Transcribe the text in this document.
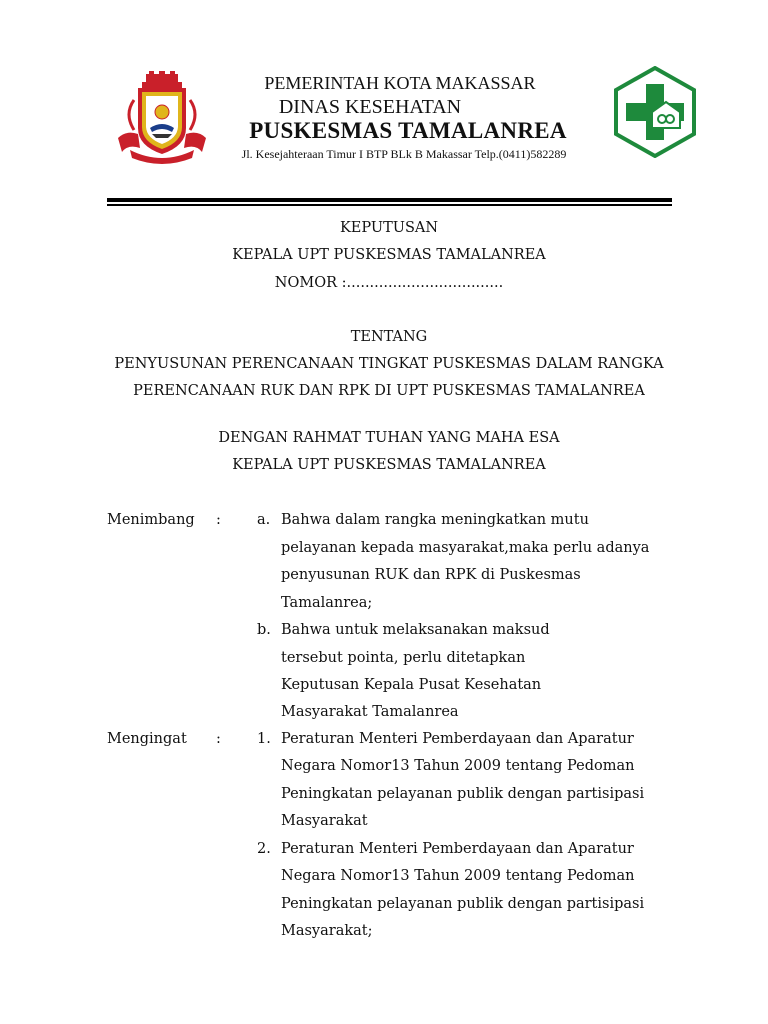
PEMERINTAH KOTA MAKASSAR
DINAS KESEHATAN
PUSKESMAS TAMALANREA
Jl. Kesejahteraan Timur I BTP BLk B Makassar Telp.(0411)582289
KEPUTUSAN
KEPALA UPT PUSKESMAS TAMALANREA
NOMOR :..................................
TENTANG
PENYUSUNAN PERENCANAAN TINGKAT PUSKESMAS DALAM RANGKA
PERENCANAAN RUK DAN RPK DI UPT PUSKESMAS TAMALANREA
DENGAN RAHMAT TUHAN YANG MAHA ESA
KEPALA UPT PUSKESMAS TAMALANREA
Menimbang : a. Bahwa dalam rangka meningkatkan mutu
pelayanan kepada masyarakat,maka perlu adanya
penyusunan RUK dan RPK di Puskesmas
Tamalanrea;
b. Bahwa untuk melaksanakan maksud
tersebut pointa, perlu ditetapkan
Keputusan Kepala Pusat Kesehatan
Masyarakat Tamalanrea
Mengingat : 1. Peraturan Menteri Pemberdayaan dan Aparatur
Negara Nomor13 Tahun 2009 tentang Pedoman
Peningkatan pelayanan publik dengan partisipasi
Masyarakat
2. Peraturan Menteri Pemberdayaan dan Aparatur
Negara Nomor13 Tahun 2009 tentang Pedoman
Peningkatan pelayanan publik dengan partisipasi
Masyarakat;
